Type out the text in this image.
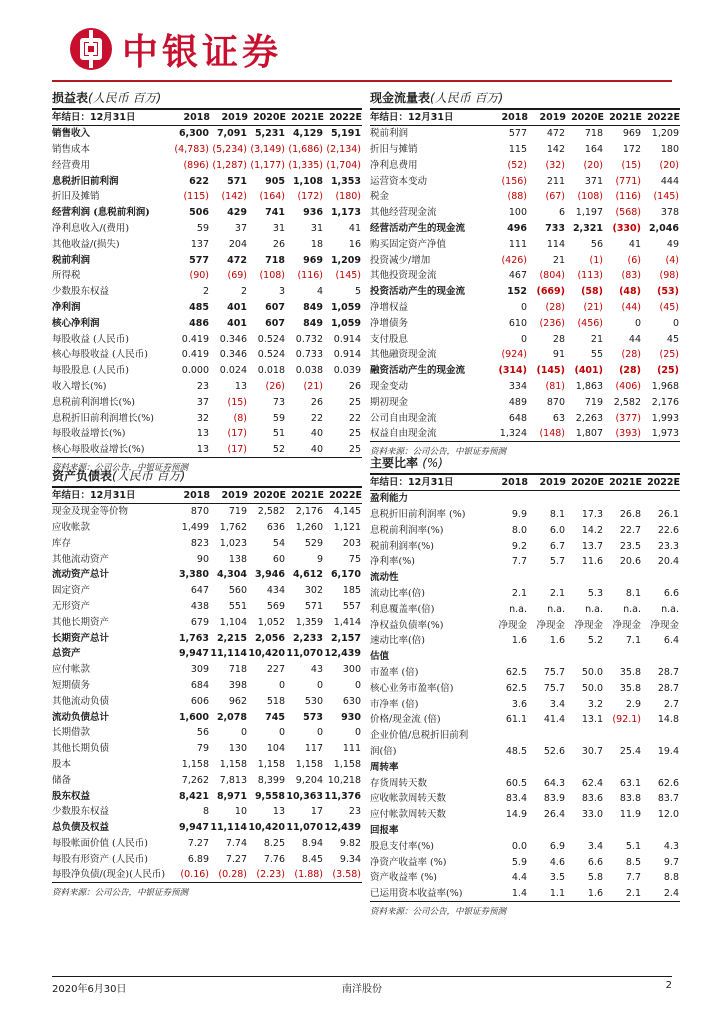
中银证券
损益表(人民币 百万)
年结日：12月31日	2018	2019	2020E	2021E	2022E
销售收入	6,300	7,091	5,231	4,129	5,191
销售成本	(4,783)	(5,234)	(3,149)	(1,686)	(2,134)
经营费用	(896)	(1,287)	(1,177)	(1,335)	(1,704)
息税折旧前利润	622	571	905	1,108	1,353
折旧及摊销	(115)	(142)	(164)	(172)	(180)
经营利润 (息税前利润)	506	429	741	936	1,173
净利息收入/(费用)	59	37	31	31	41
其他收益/(损失)	137	204	26	18	16
税前利润	577	472	718	969	1,209
所得税	(90)	(69)	(108)	(116)	(145)
少数股东权益	2	2	3	4	5
净利润	485	401	607	849	1,059
核心净利润	486	401	607	849	1,059
每股收益 (人民币)	0.419	0.346	0.524	0.732	0.914
核心每股收益 (人民币)	0.419	0.346	0.524	0.733	0.914
每股股息 (人民币)	0.000	0.024	0.018	0.038	0.039
收入增长(%)	23	13	(26)	(21)	26
息税前利润增长(%)	37	(15)	73	26	25
息税折旧前利润增长(%)	32	(8)	59	22	22
每股收益增长(%)	13	(17)	51	40	25
核心每股收益增长(%)	13	(17)	52	40	25
资料来源：公司公告，中银证券预测
现金流量表(人民币 百万)
年结日：12月31日	2018	2019	2020E	2021E	2022E
税前利润	577	472	718	969	1,209
折旧与摊销	115	142	164	172	180
净利息费用	(52)	(32)	(20)	(15)	(20)
运营资本变动	(156)	211	371	(771)	444
税金	(88)	(67)	(108)	(116)	(145)
其他经营现金流	100	6	1,197	(568)	378
经营活动产生的现金流	496	733	2,321	(330)	2,046
购买固定资产净值	111	114	56	41	49
投资减少/增加	(426)	21	(1)	(6)	(4)
其他投资现金流	467	(804)	(113)	(83)	(98)
投资活动产生的现金流	152	(669)	(58)	(48)	(53)
净增权益	0	(28)	(21)	(44)	(45)
净增债务	610	(236)	(456)	0	0
支付股息	0	28	21	44	45
其他融资现金流	(924)	91	55	(28)	(25)
融资活动产生的现金流	(314)	(145)	(401)	(28)	(25)
现金变动	334	(81)	1,863	(406)	1,968
期初现金	489	870	719	2,582	2,176
公司自由现金流	648	63	2,263	(377)	1,993
权益自由现金流	1,324	(148)	1,807	(393)	1,973
资料来源：公司公告，中银证券预测
资产负债表(人民币 百万)
年结日：12月31日	2018	2019	2020E	2021E	2022E
现金及现金等价物	870	719	2,582	2,176	4,145
应收帐款	1,499	1,762	636	1,260	1,121
库存	823	1,023	54	529	203
其他流动资产	90	138	60	9	75
流动资产总计	3,380	4,304	3,946	4,612	6,170
固定资产	647	560	434	302	185
无形资产	438	551	569	571	557
其他长期资产	679	1,104	1,052	1,359	1,414
长期资产总计	1,763	2,215	2,056	2,233	2,157
总资产	9,947	11,114	10,420	11,070	12,439
应付帐款	309	718	227	43	300
短期债务	684	398	0	0	0
其他流动负债	606	962	518	530	630
流动负债总计	1,600	2,078	745	573	930
长期借款	56	0	0	0	0
其他长期负债	79	130	104	117	111
股本	1,158	1,158	1,158	1,158	1,158
储备	7,262	7,813	8,399	9,204	10,218
股东权益	8,421	8,971	9,558	10,363	11,376
少数股东权益	8	10	13	17	23
总负债及权益	9,947	11,114	10,420	11,070	12,439
每股帐面价值 (人民币)	7.27	7.74	8.25	8.94	9.82
每股有形资产 (人民币)	6.89	7.27	7.76	8.45	9.34
每股净负债/(现金)(人民币)	(0.16)	(0.28)	(2.23)	(1.88)	(3.58)
资料来源：公司公告，中银证券预测
主要比率 (%)
年结日：12月31日	2018	2019	2020E	2021E	2022E
盈利能力					
息税折旧前利润率 (%)	9.9	8.1	17.3	26.8	26.1
息税前利润率(%)	8.0	6.0	14.2	22.7	22.6
税前利润率(%)	9.2	6.7	13.7	23.5	23.3
净利率(%)	7.7	5.7	11.6	20.6	20.4
流动性					
流动比率(倍)	2.1	2.1	5.3	8.1	6.6
利息覆盖率(倍)	n.a.	n.a.	n.a.	n.a.	n.a.
净权益负债率(%)	净现金	净现金	净现金	净现金	净现金
速动比率(倍)	1.6	1.6	5.2	7.1	6.4
估值					
市盈率 (倍)	62.5	75.7	50.0	35.8	28.7
核心业务市盈率(倍)	62.5	75.7	50.0	35.8	28.7
市净率 (倍)	3.6	3.4	3.2	2.9	2.7
价格/现金流 (倍)	61.1	41.4	13.1	(92.1)	14.8
企业价值/息税折旧前利					
润(倍)	48.5	52.6	30.7	25.4	19.4
周转率					
存货周转天数	60.5	64.3	62.4	63.1	62.6
应收帐款周转天数	83.4	83.9	83.6	83.8	83.7
应付帐款周转天数	14.9	26.4	33.0	11.9	12.0
回报率					
股息支付率(%)	0.0	6.9	3.4	5.1	4.3
净资产收益率 (%)	5.9	4.6	6.6	8.5	9.7
资产收益率 (%)	4.4	3.5	5.8	7.7	8.8
已运用资本收益率(%)	1.4	1.1	1.6	2.1	2.4
资料来源：公司公告，中银证券预测
2020年6月30日	南洋股份	2
